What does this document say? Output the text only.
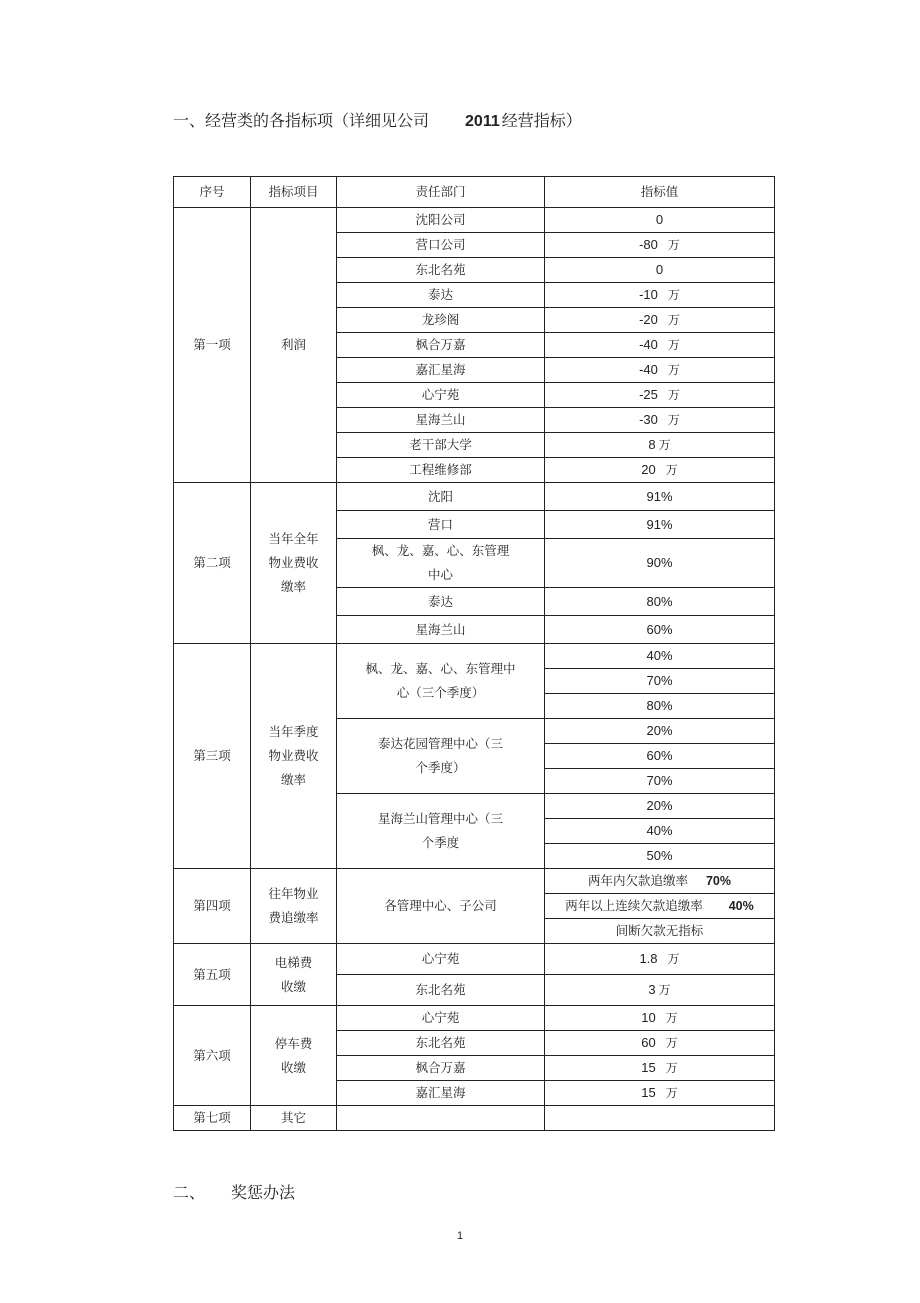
一、经营类的各指标项（详细见公司 2011 经营指标）
序号	指标项目	责任部门	指标值
第一项	利润	沈阳公司	0
		营口公司	-80 万
		东北名苑	0
		泰达	-10 万
		龙珍阁	-20 万
		枫合万嘉	-40 万
		嘉汇星海	-40 万
		心宁苑	-25 万
		星海兰山	-30 万
		老干部大学	8 万
		工程维修部	20 万
第二项	当年全年物业费收缴率	沈阳	91%
		营口	91%
		枫、龙、嘉、心、东管理中心	90%
		泰达	80%
		星海兰山	60%
第三项	当年季度物业费收缴率	枫、龙、嘉、心、东管理中心（三个季度）	40%
			70%
			80%
		泰达花园管理中心（三个季度）	20%
			60%
			70%
		星海兰山管理中心（三个季度	20%
			40%
			50%
第四项	往年物业费追缴率	各管理中心、子公司	两年内欠款追缴率 70%
			两年以上连续欠款追缴率 40%
			间断欠款无指标
第五项	电梯费收缴	心宁苑	1.8 万
		东北名苑	3 万
第六项	停车费收缴	心宁苑	10 万
		东北名苑	60 万
		枫合万嘉	15 万
		嘉汇星海	15 万
第七项	其它		
二、 奖惩办法
1
